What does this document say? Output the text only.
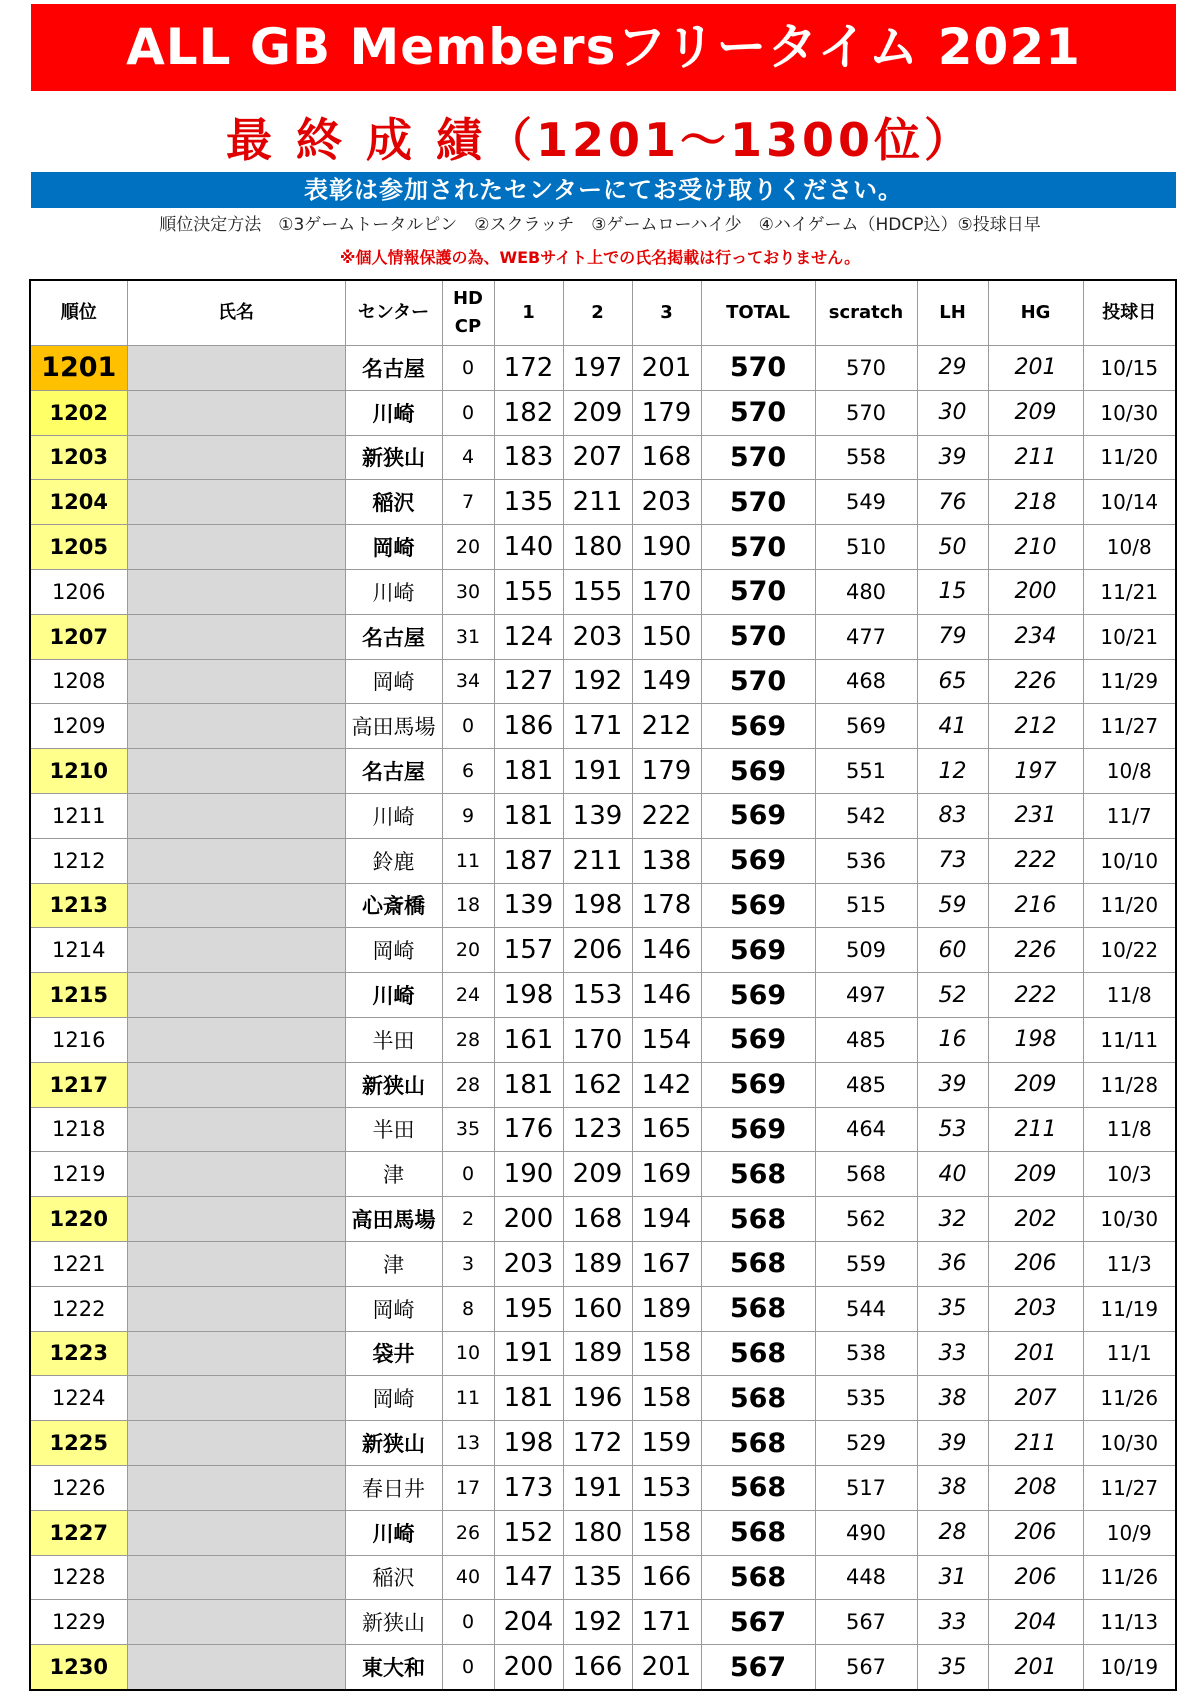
ALL GB Membersフリータイム 2021
最 終 成 績（1201～1300位）
表彰は参加されたセンターにてお受け取りください。
順位決定方法　①3ゲームトータルピン　②スクラッチ　③ゲームローハイ少　④ハイゲーム（HDCP込）⑤投球日早
※個人情報保護の為、WEBサイト上での氏名掲載は行っておりません。
順位	氏名	センター	HD
CP	1	2	3	TOTAL	scratch	LH	HG	投球日
1201		名古屋	0	172	197	201	570	570	29	201	10/15
1202		川崎	0	182	209	179	570	570	30	209	10/30
1203		新狭山	4	183	207	168	570	558	39	211	11/20
1204		稲沢	7	135	211	203	570	549	76	218	10/14
1205		岡崎	20	140	180	190	570	510	50	210	10/8
1206		川崎	30	155	155	170	570	480	15	200	11/21
1207		名古屋	31	124	203	150	570	477	79	234	10/21
1208		岡崎	34	127	192	149	570	468	65	226	11/29
1209		高田馬場	0	186	171	212	569	569	41	212	11/27
1210		名古屋	6	181	191	179	569	551	12	197	10/8
1211		川崎	9	181	139	222	569	542	83	231	11/7
1212		鈴鹿	11	187	211	138	569	536	73	222	10/10
1213		心斎橋	18	139	198	178	569	515	59	216	11/20
1214		岡崎	20	157	206	146	569	509	60	226	10/22
1215		川崎	24	198	153	146	569	497	52	222	11/8
1216		半田	28	161	170	154	569	485	16	198	11/11
1217		新狭山	28	181	162	142	569	485	39	209	11/28
1218		半田	35	176	123	165	569	464	53	211	11/8
1219		津	0	190	209	169	568	568	40	209	10/3
1220		高田馬場	2	200	168	194	568	562	32	202	10/30
1221		津	3	203	189	167	568	559	36	206	11/3
1222		岡崎	8	195	160	189	568	544	35	203	11/19
1223		袋井	10	191	189	158	568	538	33	201	11/1
1224		岡崎	11	181	196	158	568	535	38	207	11/26
1225		新狭山	13	198	172	159	568	529	39	211	10/30
1226		春日井	17	173	191	153	568	517	38	208	11/27
1227		川崎	26	152	180	158	568	490	28	206	10/9
1228		稲沢	40	147	135	166	568	448	31	206	11/26
1229		新狭山	0	204	192	171	567	567	33	204	11/13
1230		東大和	0	200	166	201	567	567	35	201	10/19
